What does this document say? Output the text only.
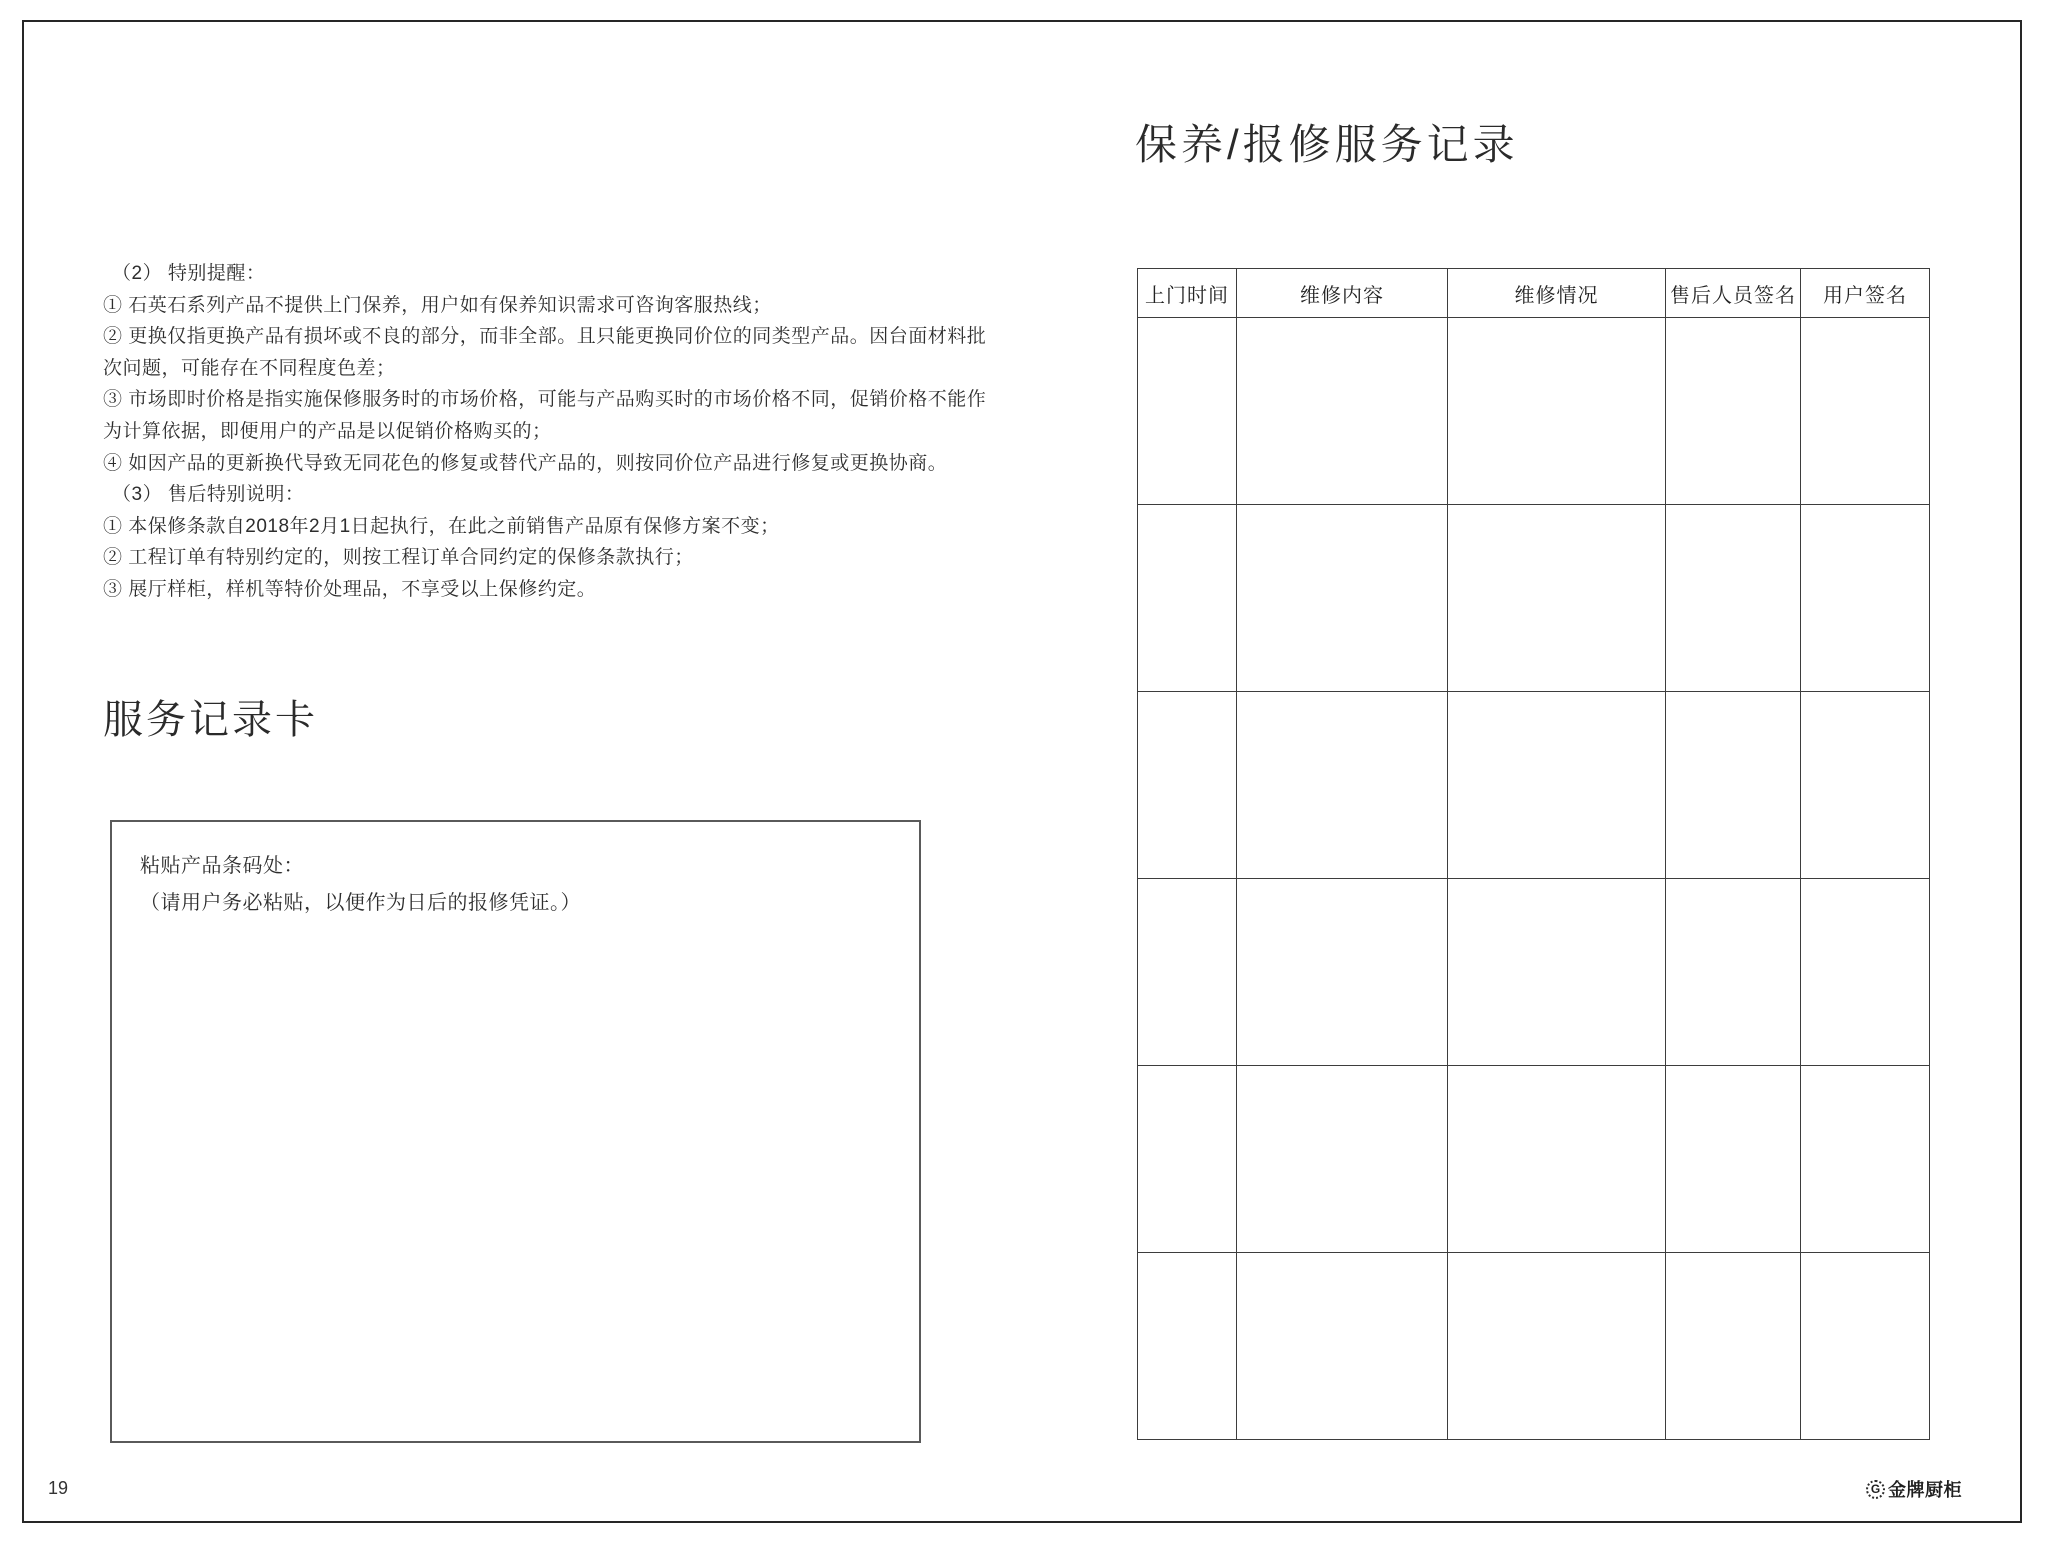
（2） 特别提醒：
① 石英石系列产品不提供上门保养，用户如有保养知识需求可咨询客服热线；
② 更换仅指更换产品有损坏或不良的部分，而非全部。且只能更换同价位的同类型产品。因台面材料批
次问题，可能存在不同程度色差；
③ 市场即时价格是指实施保修服务时的市场价格，可能与产品购买时的市场价格不同，促销价格不能作
为计算依据，即便用户的产品是以促销价格购买的；
④ 如因产品的更新换代导致无同花色的修复或替代产品的，则按同价位产品进行修复或更换协商。
（3） 售后特别说明：
① 本保修条款自2018年2月1日起执行，在此之前销售产品原有保修方案不变；
② 工程订单有特别约定的，则按工程订单合同约定的保修条款执行；
③ 展厅样柜，样机等特价处理品，不享受以上保修约定。
服务记录卡
粘贴产品条码处：
（请用户务必粘贴，以便作为日后的报修凭证。）
保养/报修服务记录
上门时间	维修内容	维修情况	售后人员签名	用户签名

19	G 金牌厨柜
